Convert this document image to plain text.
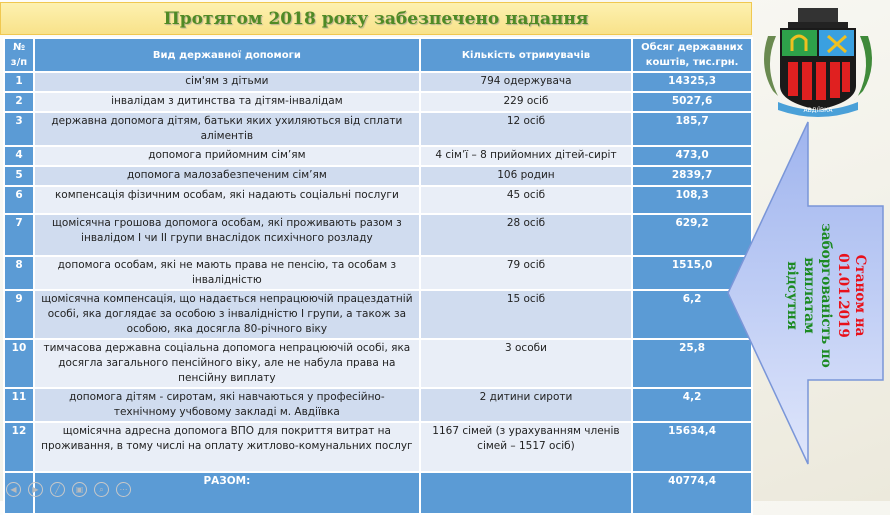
Протягом 2018 року забезпечено надання
№ з/п	Вид державної допомоги	Кількість отримувачів	Обсяг державних коштів, тис.грн.
1	сім'ям з дітьми	794 одержувача	14325,3
2	інвалідам з дитинства та дітям-інвалідам	229 осіб	5027,6
3	державна допомога дітям, батьки яких ухиляються від сплати аліментів	12 осіб	185,7
4	допомога прийомним сім’ям	4 сім’ї – 8 прийомних дітей-сиріт	473,0
5	допомога малозабезпеченим сім’ям	106 родин	2839,7
6	компенсація фізичним особам, які надають соціальні послуги	45 осіб	108,3
7	щомісячна грошова допомога особам, які проживають разом з інвалідом І чи ІІ групи внаслідок психічного розладу	28 осіб	629,2
8	допомога особам, які не мають права не пенсію, та особам з інвалідністю	79 осіб	1515,0
9	щомісячна компенсація, що надається непрацюючій працездатній особі, яка доглядає за особою з інвалідністю І групи, а також за особою, яка досягла 80-річного віку	15 осіб	6,2
10	тимчасова державна соціальна допомога непрацюючій особі, яка досягла загального пенсійного віку, але не набула права на пенсійну виплату	3 особи	25,8
11	допомога дітям - сиротам, які навчаються у професійно-технічному учбовому закладі м. Авдіївка	2 дитини сироти	4,2
12	щомісячна адресна допомога ВПО для покриття витрат на проживання, в тому числі на оплату житлово-комунальних послуг	1167 сімей (з урахуванням членів сімей – 1517 осіб)	15634,4
	РАЗОМ:		40774,4
АВДІЇВКА
Станом на
01.01.2019
заборгованість по
виплатам
відсутня
◀	▶	╱	▣	⌕	⋯
